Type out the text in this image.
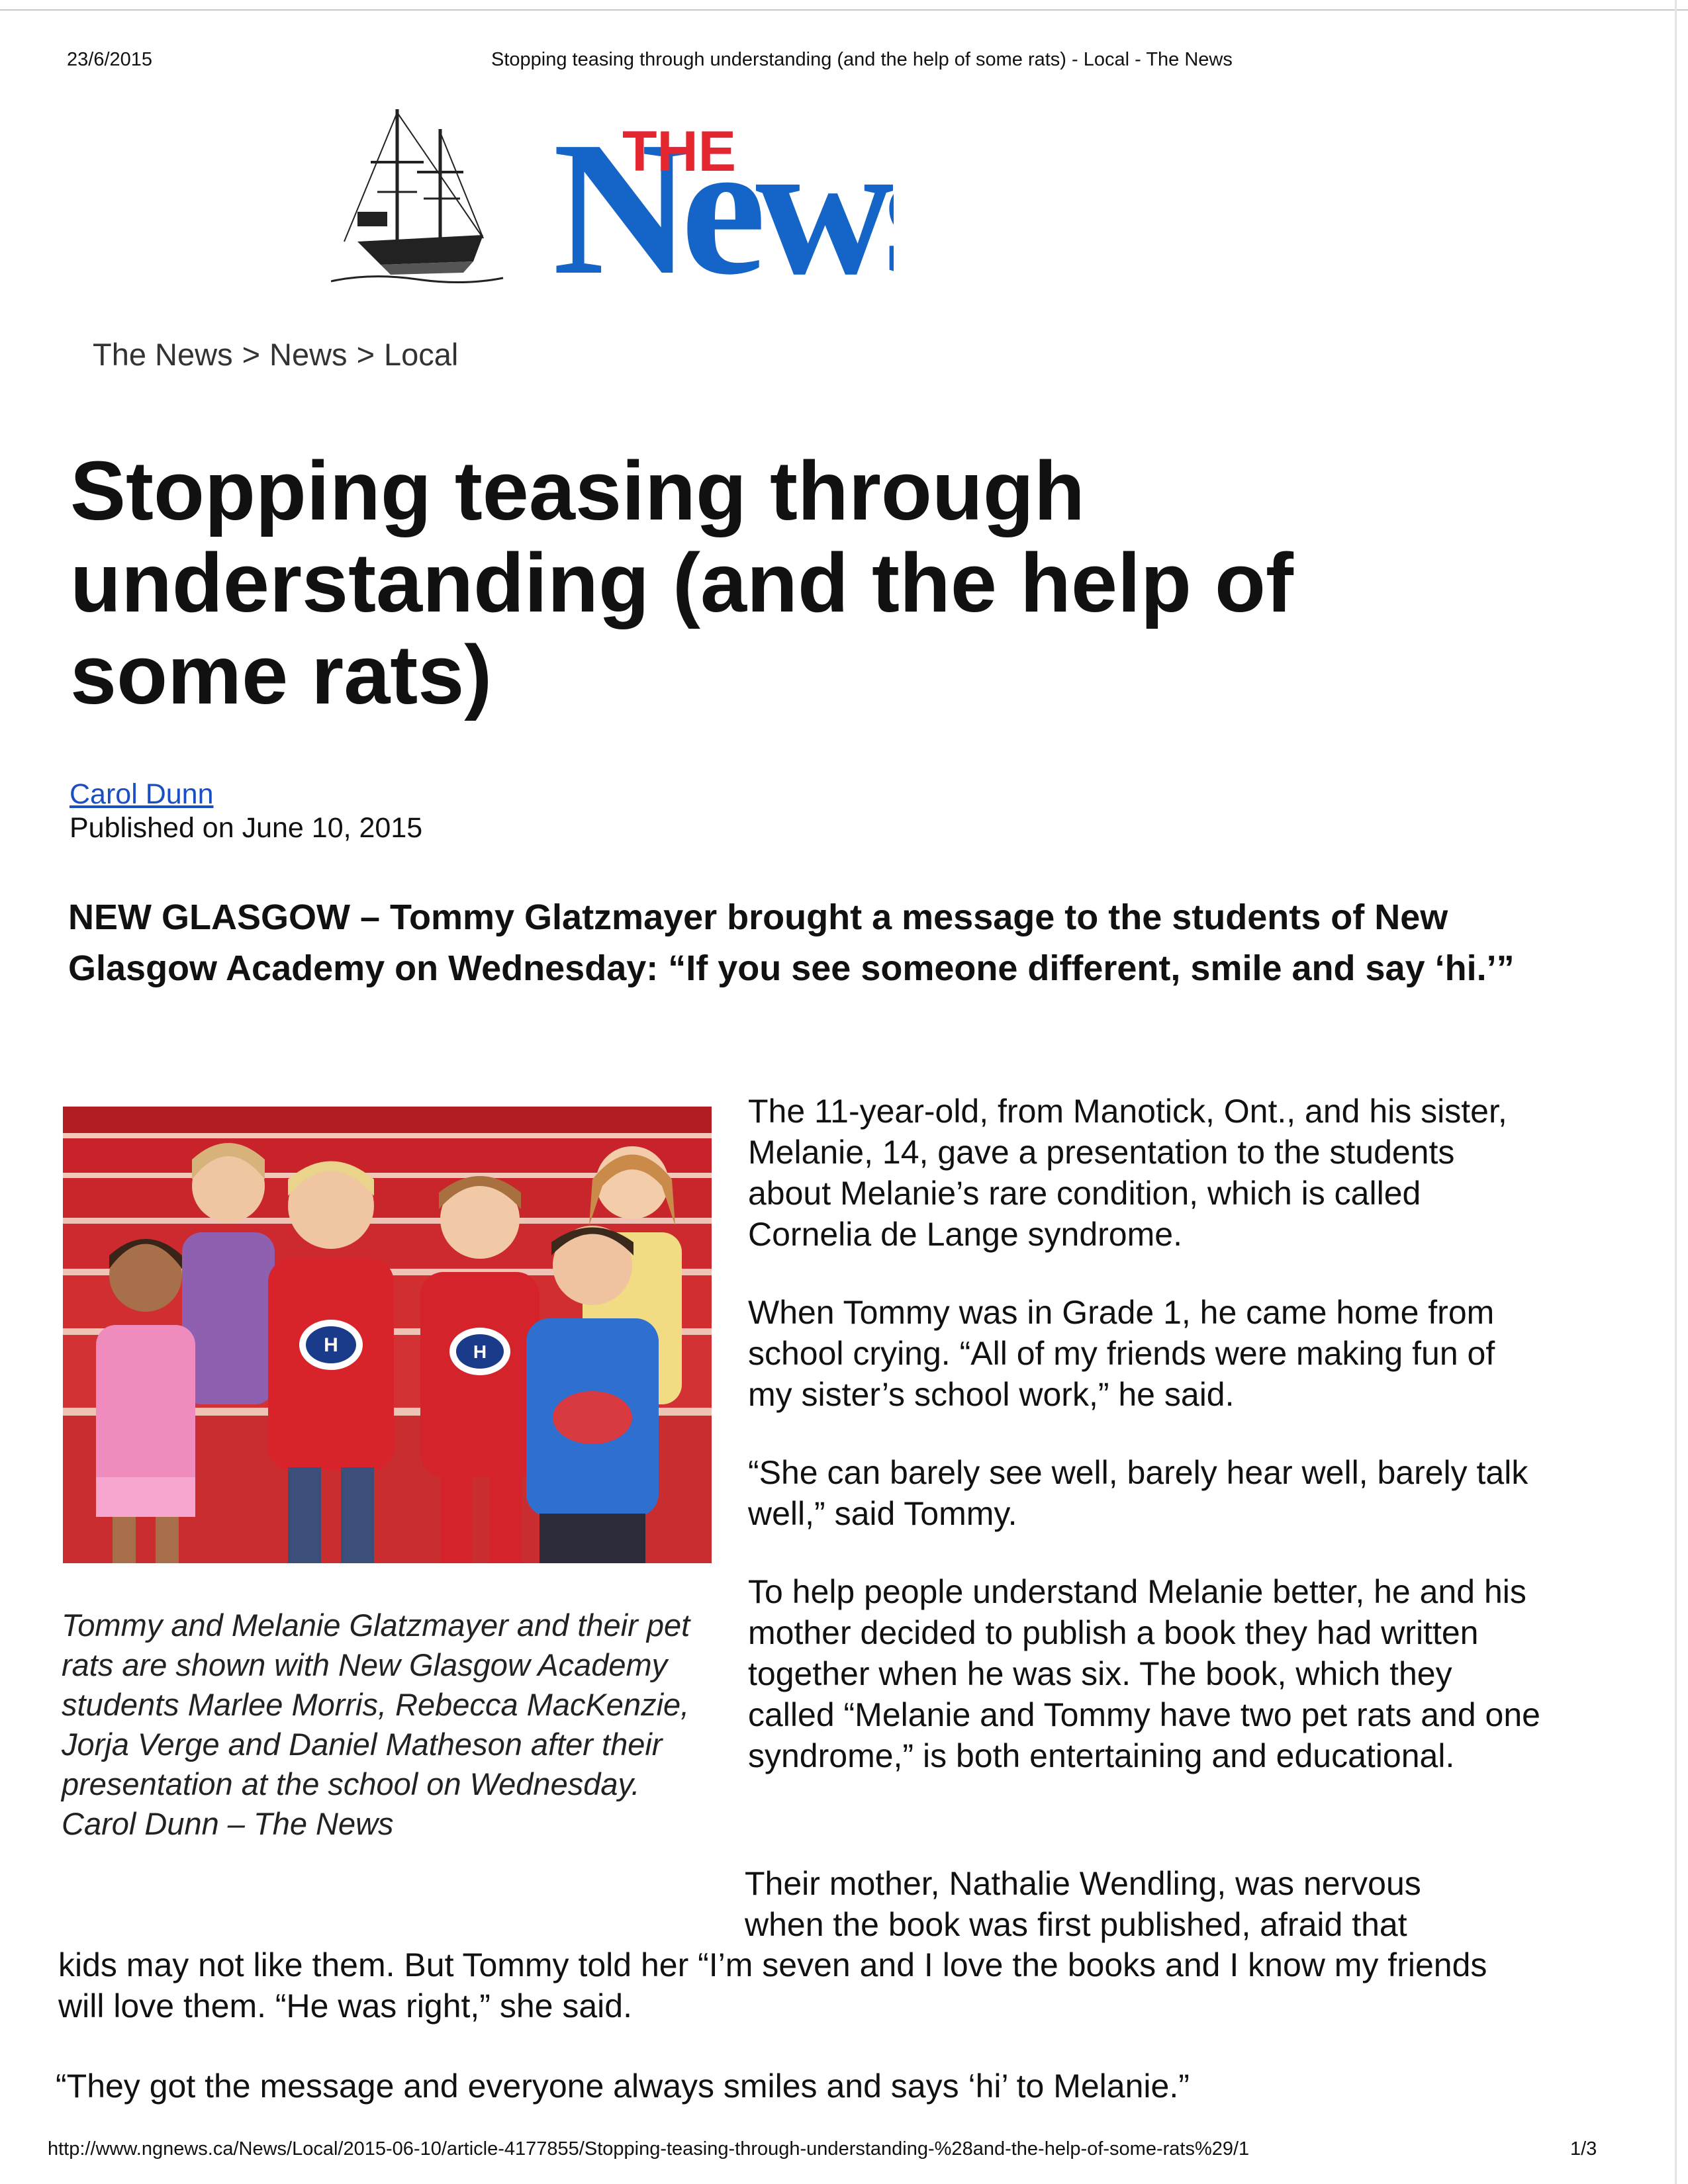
23/6/2015	Stopping teasing through understanding (and the help of some rats) - Local - The News
New
THE
The News > News > Local
Stopping teasing through understanding (and the help of some rats)
Carol Dunn
Published on June 10, 2015

NEW GLASGOW – Tommy Glatzmayer brought a message to the students of New Glasgow Academy on Wednesday: “If you see someone different, smile and say ‘hi.’”

H	H
Tommy and Melanie Glatzmayer and their pet rats are shown with New Glasgow Academy students Marlee Morris, Rebecca MacKenzie, Jorja Verge and Daniel Matheson after their presentation at the school on Wednesday.
Carol Dunn – The News

The 11-year-old, from Manotick, Ont., and his sister, Melanie, 14, gave a presentation to the students about Melanie’s rare condition, which is called Cornelia de Lange syndrome.

When Tommy was in Grade 1, he came home from school crying. “All of my friends were making fun of my sister’s school work,” he said.

“She can barely see well, barely hear well, barely talk well,” said Tommy.

To help people understand Melanie better, he and his mother decided to publish a book they had written together when he was six. The book, which they called “Melanie and Tommy have two pet rats and one syndrome,” is both entertaining and educational.

Their mother, Nathalie Wendling, was nervous when the book was first published, afraid that

kids may not like them. But Tommy told her “I’m seven and I love the books and I know my friends will love them. “He was right,” she said.

“They got the message and everyone always smiles and says ‘hi’ to Melanie.”

http://www.ngnews.ca/News/Local/2015-06-10/article-4177855/Stopping-teasing-through-understanding-%28and-the-help-of-some-rats%29/1	1/3
